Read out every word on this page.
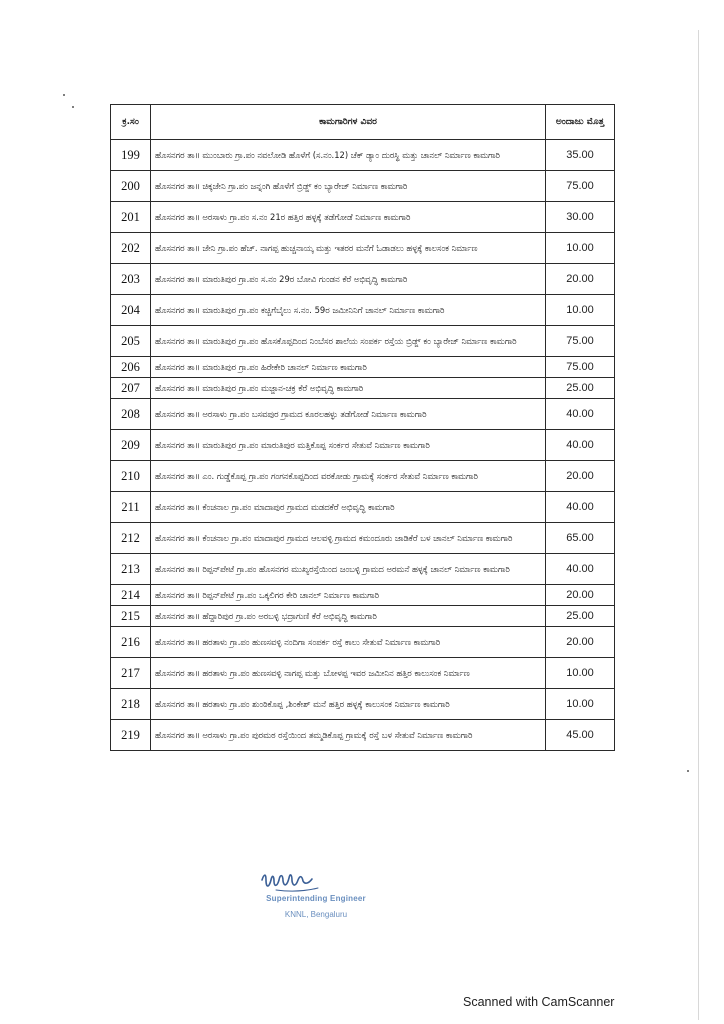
ಕ್ರ.ಸಂ	ಕಾಮಗಾರಿಗಳ ವಿವರ	ಅಂದಾಜು ಮೊತ್ತ
199	ಹೊಸನಗರ ತಾ॥ ಮುಂಬಾರು ಗ್ರಾ.ಪಂ ನವಲೋಡಿ ಹೊಳೆಗೆ (ಸ.ನಂ.12) ಚೆಕ್ ಡ್ಯಾಂ ದುರಸ್ಥಿ ಮತ್ತು ಚಾನಲ್ ನಿರ್ಮಾಣ ಕಾಮಗಾರಿ	35.00
200	ಹೊಸನಗರ ತಾ॥ ಚಿಕ್ಕಜೇನಿ ಗ್ರಾ.ಪಂ ಜನ್ನಂಗಿ ಹೊಳೆಗೆ ಬ್ರಿಡ್ಜ್ ಕಂ ಬ್ಯಾರೇಜ್ ನಿರ್ಮಾಣ ಕಾಮಗಾರಿ	75.00
201	ಹೊಸನಗರ ತಾ॥ ಅರಸಾಳು ಗ್ರಾ.ಪಂ ಸ.ನಂ 21ರ ಹತ್ತಿರ ಹಳ್ಳಕ್ಕೆ ತಡೆಗೋಡೆ ನಿರ್ಮಾಣ ಕಾಮಗಾರಿ	30.00
202	ಹೊಸನಗರ ತಾ॥ ಜೇನಿ ಗ್ರಾ.ಪಂ ಹೆಚ್. ನಾಗಪ್ಪ ಹುಚ್ಚನಾಯ್ಕ ಮತ್ತು ಇತರರ ಮನೆಗೆ ಓಡಾಡಲು ಹಳ್ಳಕ್ಕೆ ಕಾಲಸಂಕ ನಿರ್ಮಾಣ	10.00
203	ಹೊಸನಗರ ತಾ॥ ಮಾರುತಿಪುರ ಗ್ರಾ.ಪಂ ಸ.ನಂ 29ರ ಬೋವಿ ಗುಂಡನ ಕೆರೆ ಅಭಿವೃದ್ಧಿ ಕಾಮಗಾರಿ	20.00
204	ಹೊಸನಗರ ತಾ॥ ಮಾರುತಿಪುರ ಗ್ರಾ.ಪಂ ಕಚ್ಚಿಗೆಬೈಲು ಸ.ನಂ. 59ರ ಜಮೀನಿನಿಗೆ ಚಾನಲ್ ನಿರ್ಮಾಣ ಕಾಮಗಾರಿ	10.00
205	ಹೊಸನಗರ ತಾ॥ ಮಾರುತಿಪುರ ಗ್ರಾ.ಪಂ ಹೊಸಕೊಪ್ಪದಿಂದ ನಿಂಬೆಸರ ಶಾಲೆಯ ಸಂಪರ್ಕ ರಸ್ತೆಯ ಬ್ರಿಡ್ಜ್ ಕಂ ಬ್ಯಾರೇಜ್ ನಿರ್ಮಾಣ ಕಾಮಗಾರಿ	75.00
206	ಹೊಸನಗರ ತಾ॥ ಮಾರುತಿಪುರ ಗ್ರಾ.ಪಂ ಹಿರೇಕೇರಿ ಚಾನಲ್ ನಿರ್ಮಾಣ ಕಾಮಗಾರಿ	75.00
207	ಹೊಸನಗರ ತಾ॥ ಮಾರುತಿಪುರ ಗ್ರಾ.ಪಂ ಮಜ್ಜಾನ-ಚಕ್ರ ಕೆರೆ ಅಭಿವೃದ್ಧಿ ಕಾಮಗಾರಿ	25.00
208	ಹೊಸನಗರ ತಾ॥ ಅರಸಾಳು ಗ್ರಾ.ಪಂ ಬಸವಪುರ ಗ್ರಾಮದ ಕೂರಲಹಳ್ಳು ತಡೆಗೋಡೆ ನಿರ್ಮಾಣ ಕಾಮಗಾರಿ	40.00
209	ಹೊಸನಗರ ತಾ॥ ಮಾರುತಿಪುರ ಗ್ರಾ.ಪಂ ಮಾರುತಿಪುರ ಮತ್ತಿಕೊಪ್ಪ ಸಂರ್ಕರ ಸೇತುವೆ ನಿರ್ಮಾಣ ಕಾಮಗಾರಿ	40.00
210	ಹೊಸನಗರ ತಾ॥ ಎಂ. ಗುಡ್ಡೆಕೊಪ್ಪ ಗ್ರಾ.ಪಂ ಗಂಗನಕೊಪ್ಪದಿಂದ ವರಕೋಡು ಗ್ರಾಮಕ್ಕೆ ಸಂರ್ಕರ ಸೇತುವೆ ನಿರ್ಮಾಣ ಕಾಮಗಾರಿ	20.00
211	ಹೊಸನಗರ ತಾ॥ ಕೆಂಚನಾಲ ಗ್ರಾ.ಪಂ ಮಾದಾಪುರ ಗ್ರಾಮದ ಮಡದಕೆರೆ ಅಭಿವೃದ್ಧಿ ಕಾಮಗಾರಿ	40.00
212	ಹೊಸನಗರ ತಾ॥ ಕೆಂಚನಾಲ ಗ್ರಾ.ಪಂ ಮಾದಾಪುರ ಗ್ರಾಮದ ಆಲವಳ್ಳಿ ಗ್ರಾಮದ ಕಮಂದೂರು ಜಾಡಿಕೆರೆ ಬಳ ಚಾನಲ್ ನಿರ್ಮಾಣ ಕಾಮಗಾರಿ	65.00
213	ಹೊಸನಗರ ತಾ॥ ರಿಪ್ಪನ್‌ಪೇಟೆ ಗ್ರಾ.ಪಂ ಹೊಸನಗರ ಮುಖ್ಯರಸ್ತೆಯಿಂದ ಜಂಬಳ್ಳಿ ಗ್ರಾಮದ ಅರಮನೆ ಹಳ್ಳಕ್ಕೆ ಚಾನಲ್ ನಿರ್ಮಾಣ ಕಾಮಗಾರಿ	40.00
214	ಹೊಸನಗರ ತಾ॥ ರಿಪ್ಪನ್‌ಪೇಟೆ ಗ್ರಾ.ಪಂ ಒಕ್ಕಲಿಗರ ಕೇರಿ ಚಾನಲ್ ನಿರ್ಮಾಣ ಕಾಮಗಾರಿ	20.00
215	ಹೊಸನಗರ ತಾ॥ ಹೆದ್ದಾರಿಪುರ ಗ್ರಾ.ಪಂ ಅರಬಳ್ಳಿ ಭದ್ರಾಗುಣಿ ಕೆರೆ ಅಭಿವೃದ್ಧಿ ಕಾಮಗಾರಿ	25.00
216	ಹೊಸನಗರ ತಾ॥ ಹರತಾಳು ಗ್ರಾ.ಪಂ ಹುಣಸವಳ್ಳಿ ನಂದಿಗಾ ಸಂಪರ್ಕ ರಸ್ತೆ ಕಾಲು ಸೇತುವೆ ನಿರ್ಮಾಣ ಕಾಮಗಾರಿ	20.00
217	ಹೊಸನಗರ ತಾ॥ ಹರತಾಳು ಗ್ರಾ.ಪಂ ಹುಣಸವಳ್ಳಿ ನಾಗಪ್ಪ ಮತ್ತು ಬೋಳಪ್ಪ ಇವರ ಜಮೀನಿನ ಹತ್ತಿರ ಕಾಲುಸಂಕ ನಿರ್ಮಾಣ	10.00
218	ಹೊಸನಗರ ತಾ॥ ಹರತಾಳು ಗ್ರಾ.ಪಂ ಶುಂಠಿಕೊಪ್ಪ ,ಶಿಂಕೇಶ್ ಮನೆ ಹತ್ತಿರ ಹಳ್ಳಕ್ಕೆ ಕಾಲುಸಂಕ ನಿರ್ಮಾಣ ಕಾಮಗಾರಿ	10.00
219	ಹೊಸನಗರ ತಾ॥ ಅರಸಾಳು ಗ್ರಾ.ಪಂ ಪುರಮಠ ರಸ್ತೆಯಿಂದ ತಮ್ಮಡಿಕೊಪ್ಪ ಗ್ರಾಮಕ್ಕೆ ರಸ್ತೆ ಬಳ ಸೇತುವೆ ನಿರ್ಮಾಣ ಕಾಮಗಾರಿ	45.00
Superintending Engineer
KNNL, Bengaluru
Scanned with CamScanner
